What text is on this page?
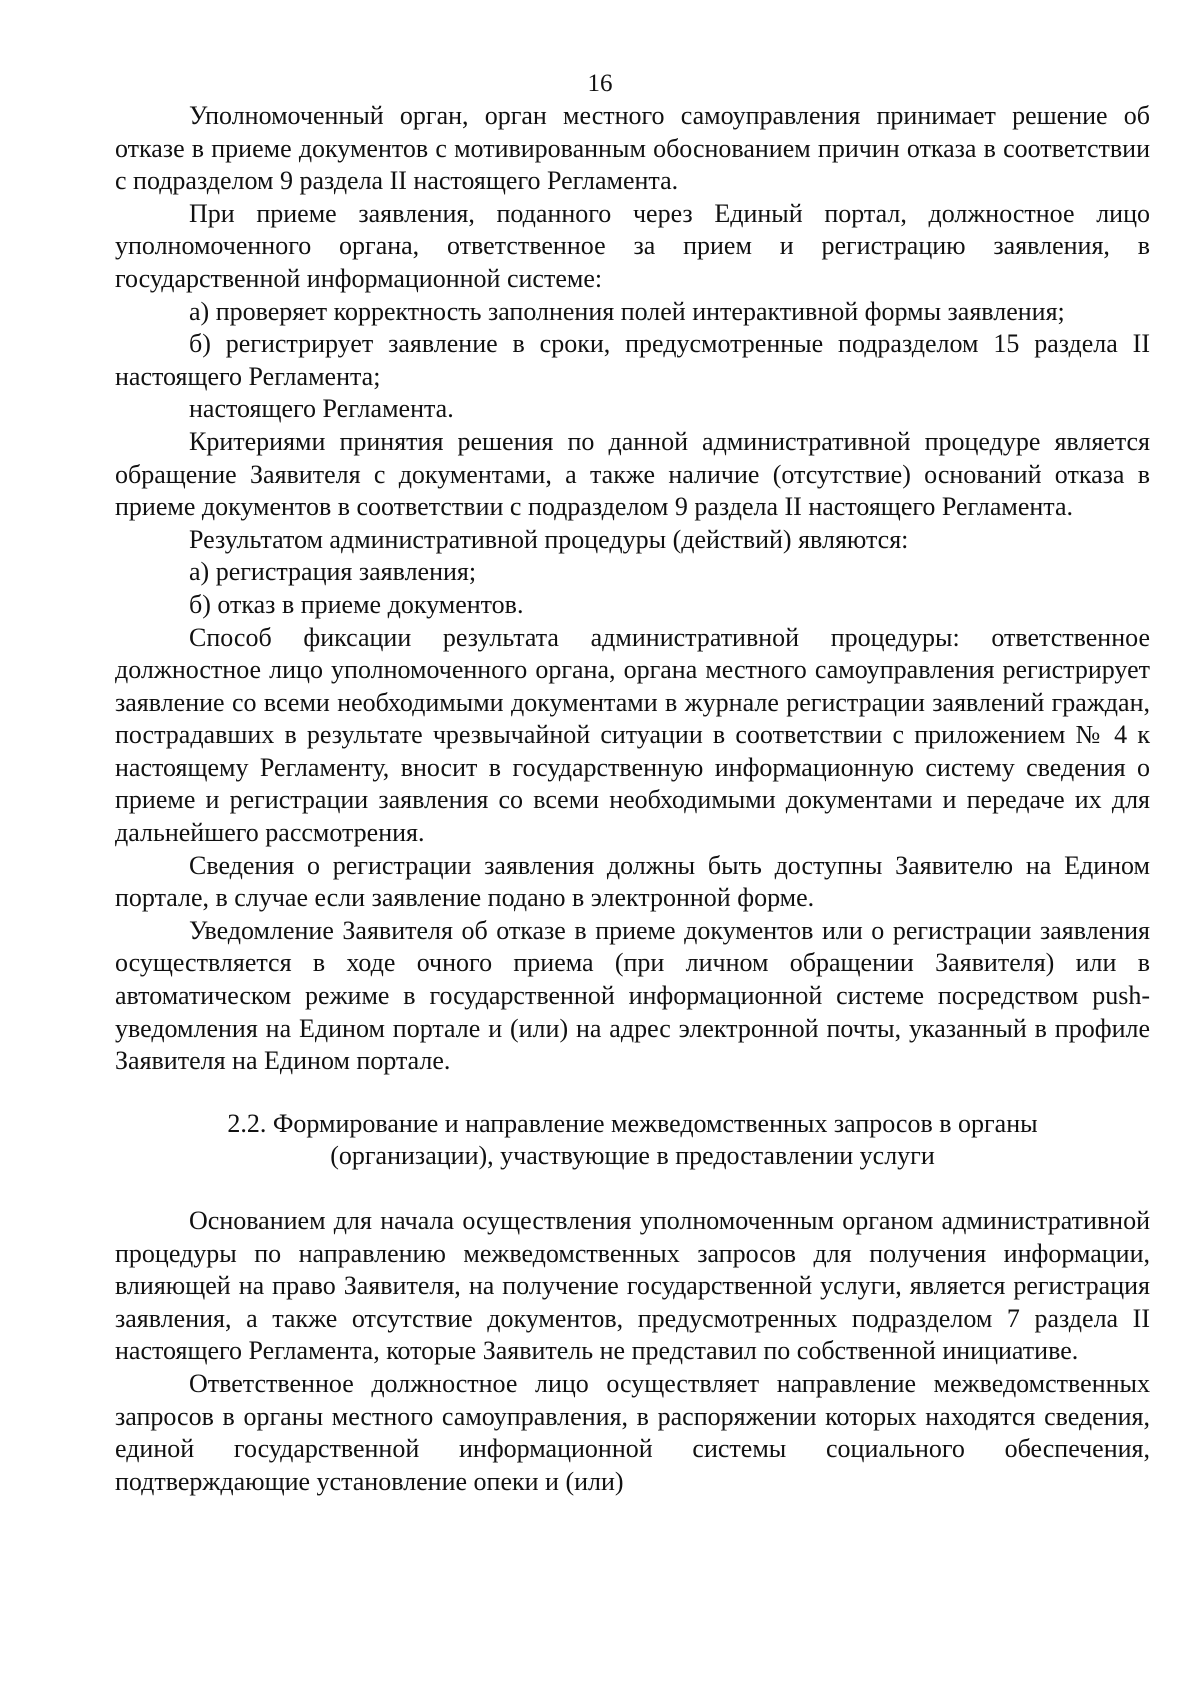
16

Уполномоченный орган, орган местного самоуправления принимает решение об отказе в приеме документов с мотивированным обоснованием причин отказа в соответствии с подразделом 9 раздела II настоящего Регламента.

При приеме заявления, поданного через Единый портал, должностное лицо уполномоченного органа, ответственное за прием и регистрацию заявления, в государственной информационной системе:

а) проверяет корректность заполнения полей интерактивной формы заявления;

б) регистрирует заявление в сроки, предусмотренные подразделом 15 раздела II настоящего Регламента;

настоящего Регламента.

Критериями принятия решения по данной административной процедуре является обращение Заявителя с документами, а также наличие (отсутствие) оснований отказа в приеме документов в соответствии с подразделом 9 раздела II настоящего Регламента.

Результатом административной процедуры (действий) являются:

а) регистрация заявления;

б) отказ в приеме документов.

Способ фиксации результата административной процедуры: ответственное должностное лицо уполномоченного органа, органа местного самоуправления регистрирует заявление со всеми необходимыми документами в журнале регистрации заявлений граждан, пострадавших в результате чрезвычайной ситуации в соответствии с приложением № 4 к настоящему Регламенту, вносит в государственную информационную систему сведения о приеме и регистрации заявления со всеми необходимыми документами и передаче их для дальнейшего рассмотрения.

Сведения о регистрации заявления должны быть доступны Заявителю на Едином портале, в случае если заявление подано в электронной форме.

Уведомление Заявителя об отказе в приеме документов или о регистрации заявления осуществляется в ходе очного приема (при личном обращении Заявителя) или в автоматическом режиме в государственной информационной системе посредством push-уведомления на Едином портале и (или) на адрес электронной почты, указанный в профиле Заявителя на Едином портале.

2.2. Формирование и направление межведомственных запросов в органы (организации), участвующие в предоставлении услуги

Основанием для начала осуществления уполномоченным органом административной процедуры по направлению межведомственных запросов для получения информации, влияющей на право Заявителя, на получение государственной услуги, является регистрация заявления, а также отсутствие документов, предусмотренных подразделом 7 раздела II настоящего Регламента, которые Заявитель не представил по собственной инициативе.

Ответственное должностное лицо осуществляет направление межведомственных запросов в органы местного самоуправления, в распоряжении которых находятся сведения, единой государственной информационной системы социального обеспечения, подтверждающие установление опеки и (или)
